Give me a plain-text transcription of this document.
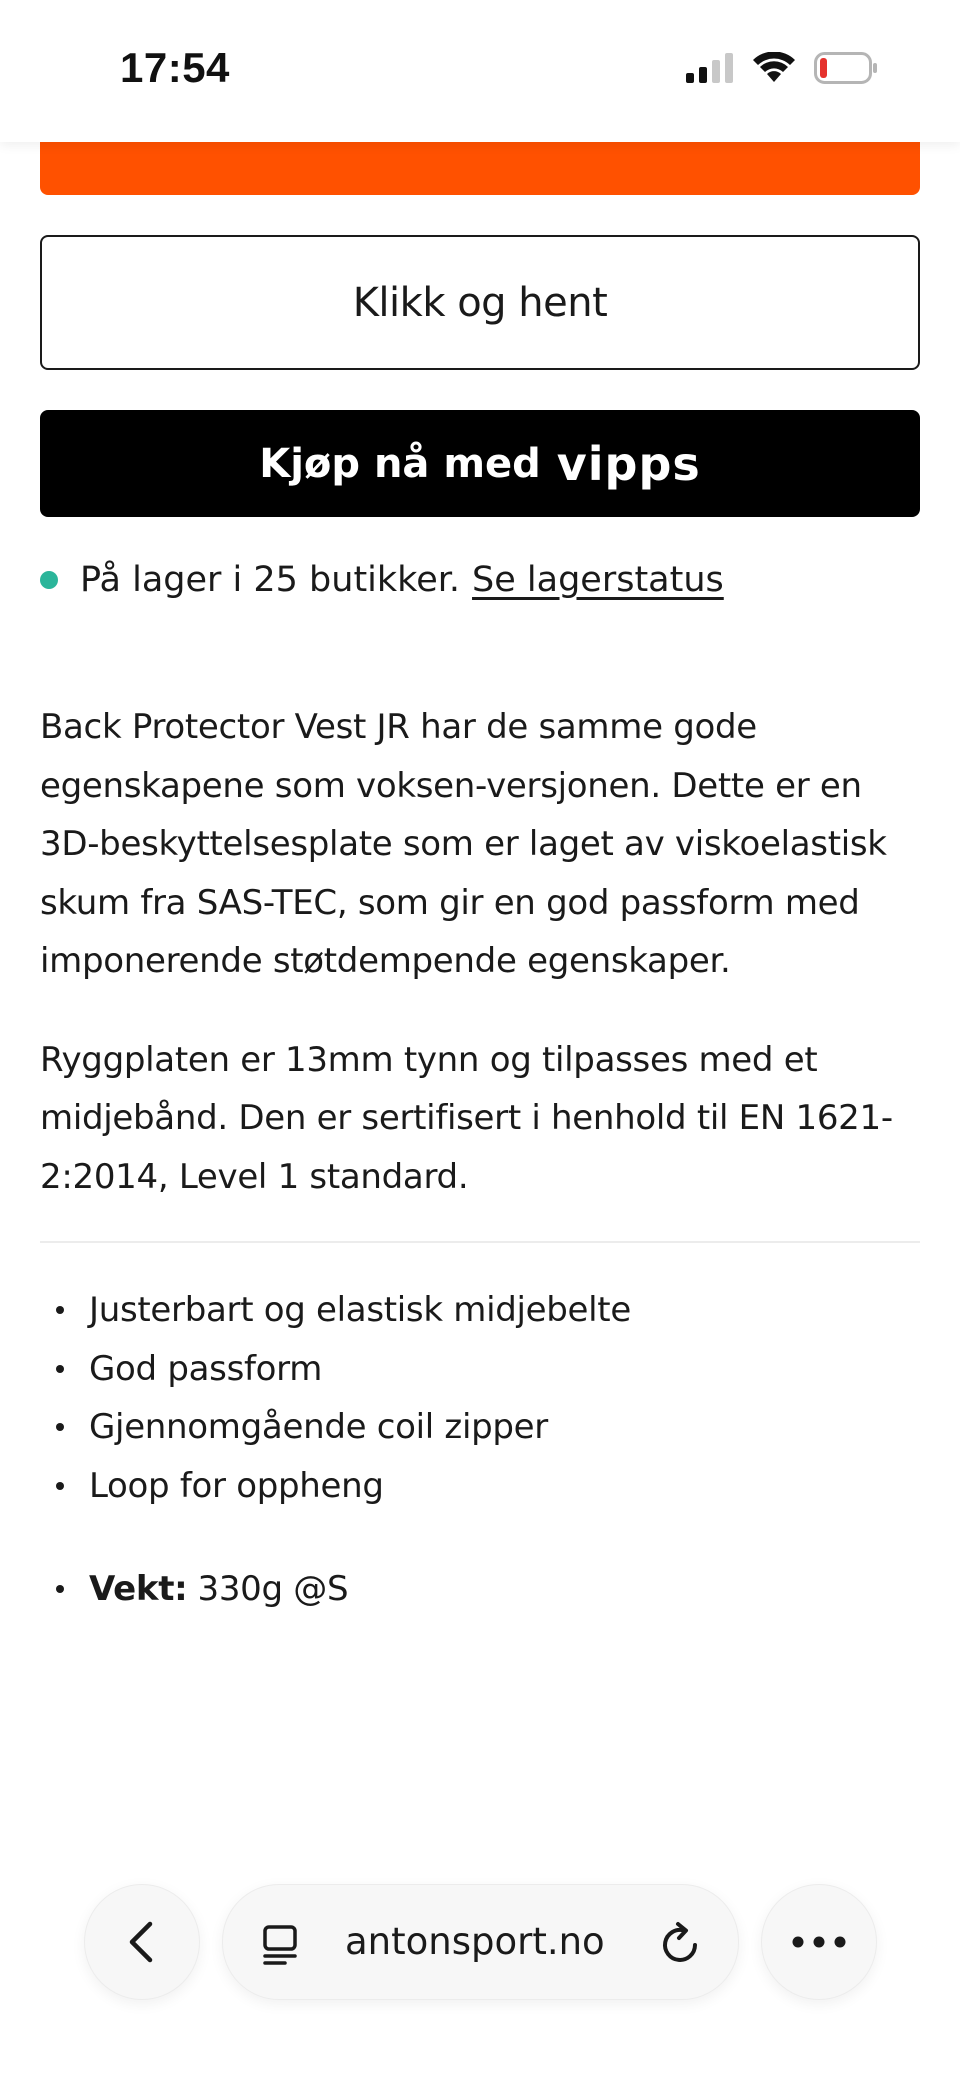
17:54
Klikk og hent
Kjøp nå med vipps
På lager i 25 butikker. Se lagerstatus

Back Protector Vest JR har de samme gode egenskapene som voksen-versjonen. Dette er en 3D-beskyttelsesplate som er laget av viskoelastisk skum fra SAS-TEC, som gir en god passform med imponerende støtdempende egenskaper.

Ryggplaten er 13mm tynn og tilpasses med et midjebånd. Den er sertifisert i henhold til EN 1621-2:2014, Level 1 standard.

Justerbart og elastisk midjebelte
God passform
Gjennomgående coil zipper
Loop for oppheng
Vekt: 330g @S
antonsport.no
